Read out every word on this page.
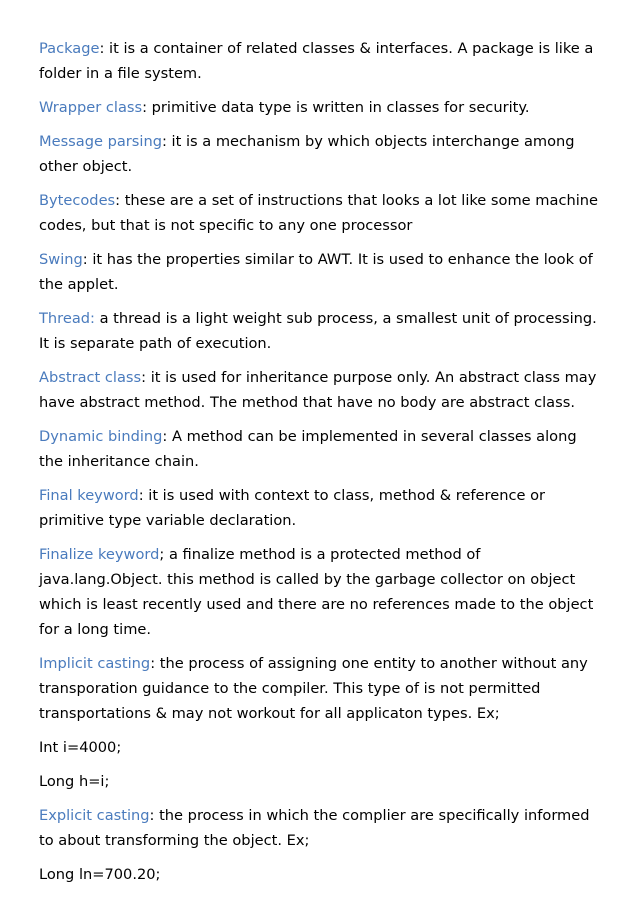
Package: it is a container of related classes & interfaces. A package is like a folder in a file system.

Wrapper class: primitive data type is written in classes for security.

Message parsing: it is a mechanism by which objects interchange among other object.

Bytecodes: these are a set of instructions that looks a lot like some machine codes, but that is not specific to any one processor

Swing: it has the properties similar to AWT. It is used to enhance the look of the applet.

Thread: a thread is a light weight sub process, a smallest unit of processing. It is separate path of execution.

Abstract class: it is used for inheritance purpose only. An abstract class may have abstract method. The method that have no body are abstract class.

Dynamic binding: A method can be implemented in several classes along the inheritance chain.

Final keyword: it is used with context to class, method & reference or primitive type variable declaration.

Finalize keyword; a finalize method is a protected method of java.lang.Object. this method is called by the garbage collector on object which is least recently used and there are no references made to the object for a long time.

Implicit casting: the process of assigning one entity to another without any transporation guidance to the compiler. This type of is not permitted transportations & may not workout for all applicaton types. Ex;

Int i=4000;

Long h=i;

Explicit casting: the process in which the complier are specifically informed to about transforming the object. Ex;

Long ln=700.20;
